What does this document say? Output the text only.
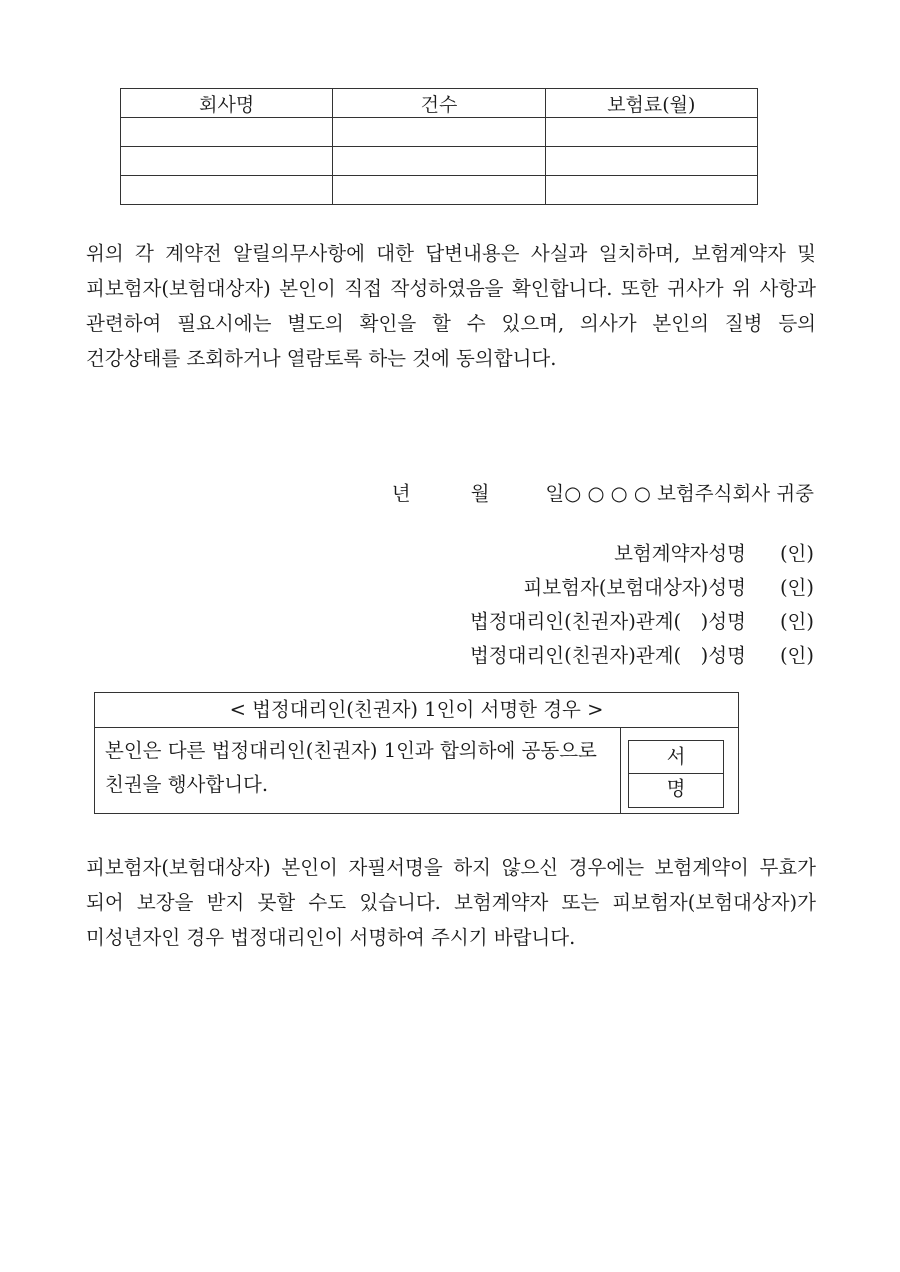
회사명	건수	보험료(월)

위의 각 계약전 알릴의무사항에 대한 답변내용은 사실과 일치하며, 보험계약자 및 피보험자(보험대상자) 본인이 직접 작성하였음을 확인합니다. 또한 귀사가 위 사항과 관련하여 필요시에는 별도의 확인을 할 수 있으며, 의사가 본인의 질병 등의 건강상태를 조회하거나 열람토록 하는 것에 동의합니다.

년	월	일○ ○ ○ ○ 보험주식회사 귀중
보험계약자성명	(인)
피보험자(보험대상자)성명	(인)
법정대리인(친권자)관계(　)성명	(인)
법정대리인(친권자)관계(　)성명	(인)
< 법정대리인(친권자) 1인이 서명한 경우 >
본인은 다른 법정대리인(친권자) 1인과 합의하에 공동으로 친권을 행사합니다.
서 명

피보험자(보험대상자) 본인이 자필서명을 하지 않으신 경우에는 보험계약이 무효가 되어 보장을 받지 못할 수도 있습니다. 보험계약자 또는 피보험자(보험대상자)가 미성년자인 경우 법정대리인이 서명하여 주시기 바랍니다.
